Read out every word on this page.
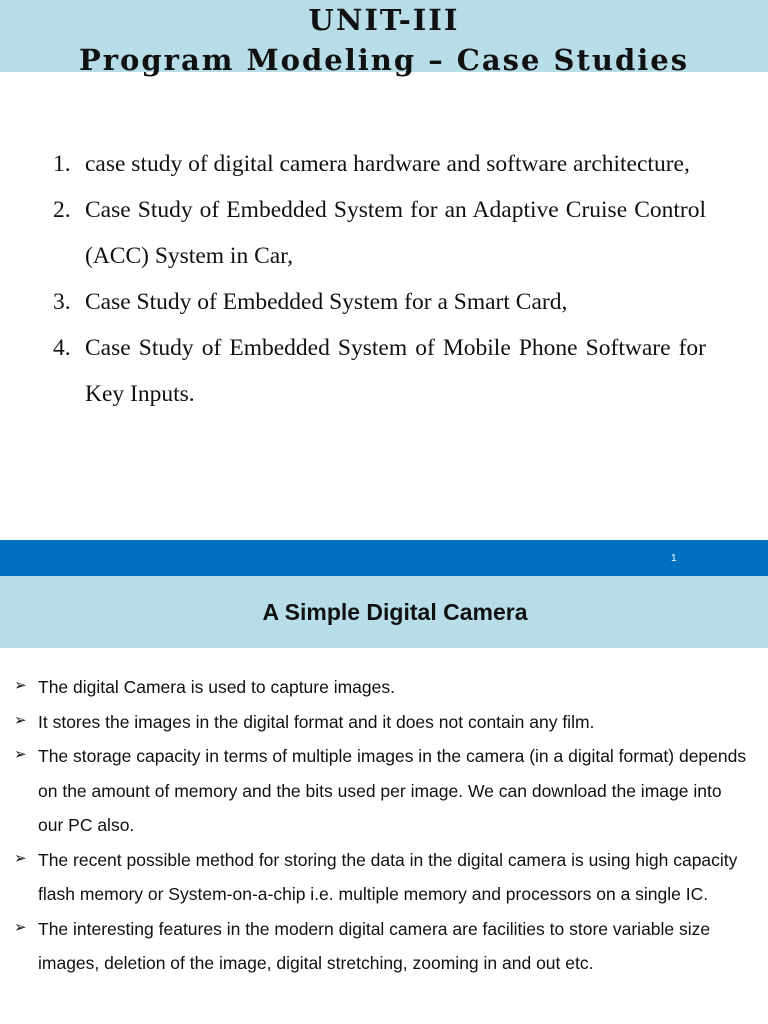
UNIT-III
Program Modeling – Case Studies
1. case study of digital camera hardware and software architecture,
2. Case Study of Embedded System for an Adaptive Cruise Control (ACC) System in Car,
3. Case Study of Embedded System for a Smart Card,
4. Case Study of Embedded System of Mobile Phone Software for Key Inputs.
1
A Simple Digital Camera
➢ The digital Camera is used to capture images.
➢ It stores the images in the digital format and it does not contain any film.
➢ The storage capacity in terms of multiple images in the camera (in a digital format) depends on the amount of memory and the bits used per image. We can download the image into our PC also.
➢ The recent possible method for storing the data in the digital camera is using high capacity flash memory or System-on-a-chip i.e. multiple memory and processors on a single IC.
➢ The interesting features in the modern digital camera are facilities to store variable size images, deletion of the image, digital stretching, zooming in and out etc.
